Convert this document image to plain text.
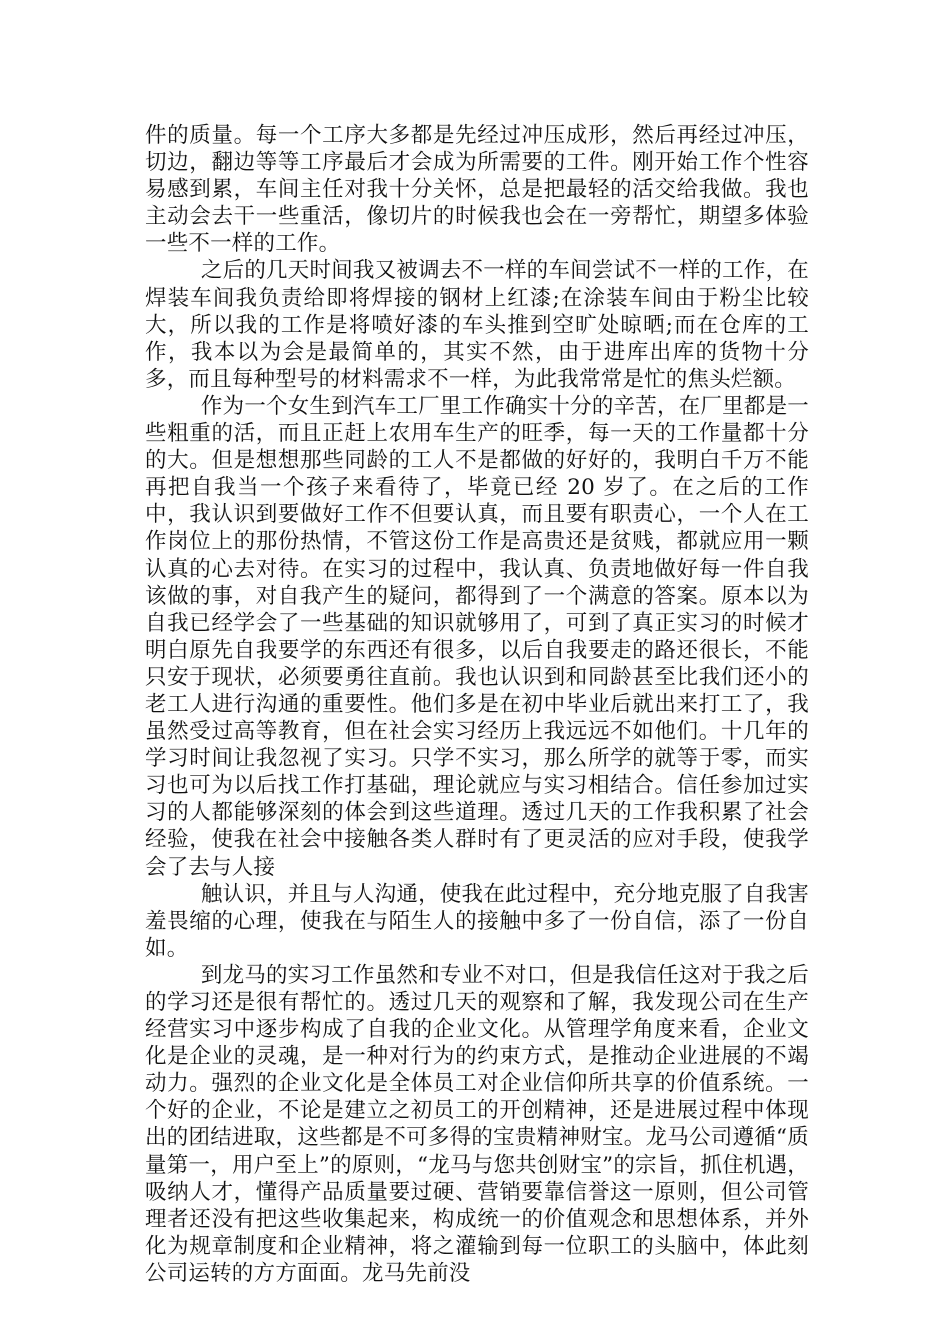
件的质量。每一个工序大多都是先经过冲压成形，然后再经过冲压，切边，翻边等等工序最后才会成为所需要的工件。刚开始工作个性容易感到累，车间主任对我十分关怀，总是把最轻的活交给我做。我也主动会去干一些重活，像切片的时候我也会在一旁帮忙，期望多体验一些不一样的工作。

之后的几天时间我又被调去不一样的车间尝试不一样的工作，在焊装车间我负责给即将焊接的钢材上红漆;在涂装车间由于粉尘比较大，所以我的工作是将喷好漆的车头推到空旷处晾晒;而在仓库的工作，我本以为会是最简单的，其实不然，由于进库出库的货物十分多，而且每种型号的材料需求不一样，为此我常常是忙的焦头烂额。

作为一个女生到汽车工厂里工作确实十分的辛苦，在厂里都是一些粗重的活，而且正赶上农用车生产的旺季，每一天的工作量都十分的大。但是想想那些同龄的工人不是都做的好好的，我明白千万不能再把自我当一个孩子来看待了，毕竟已经 20 岁了。在之后的工作中，我认识到要做好工作不但要认真，而且要有职责心，一个人在工作岗位上的那份热情，不管这份工作是高贵还是贫贱，都就应用一颗认真的心去对待。在实习的过程中，我认真、负责地做好每一件自我该做的事，对自我产生的疑问，都得到了一个满意的答案。原本以为自我已经学会了一些基础的知识就够用了，可到了真正实习的时候才明白原先自我要学的东西还有很多，以后自我要走的路还很长，不能只安于现状，必须要勇往直前。我也认识到和同龄甚至比我们还小的老工人进行沟通的重要性。他们多是在初中毕业后就出来打工了，我虽然受过高等教育，但在社会实习经历上我远远不如他们。十几年的学习时间让我忽视了实习。只学不实习，那么所学的就等于零，而实习也可为以后找工作打基础，理论就应与实习相结合。信任参加过实习的人都能够深刻的体会到这些道理。透过几天的工作我积累了社会经验，使我在社会中接触各类人群时有了更灵活的应对手段，使我学会了去与人接

触认识，并且与人沟通，使我在此过程中，充分地克服了自我害羞畏缩的心理，使我在与陌生人的接触中多了一份自信，添了一份自如。

到龙马的实习工作虽然和专业不对口，但是我信任这对于我之后的学习还是很有帮忙的。透过几天的观察和了解，我发现公司在生产经营实习中逐步构成了自我的企业文化。从管理学角度来看，企业文化是企业的灵魂，是一种对行为的约束方式，是推动企业进展的不竭动力。强烈的企业文化是全体员工对企业信仰所共享的价值系统。一个好的企业，不论是建立之初员工的开创精神，还是进展过程中体现出的团结进取，这些都是不可多得的宝贵精神财宝。龙马公司遵循“质量第一，用户至上”的原则，“龙马与您共创财宝”的宗旨，抓住机遇，吸纳人才，懂得产品质量要过硬、营销要靠信誉这一原则，但公司管理者还没有把这些收集起来，构成统一的价值观念和思想体系，并外化为规章制度和企业精神，将之灌输到每一位职工的头脑中，体此刻公司运转的方方面面。龙马先前没
